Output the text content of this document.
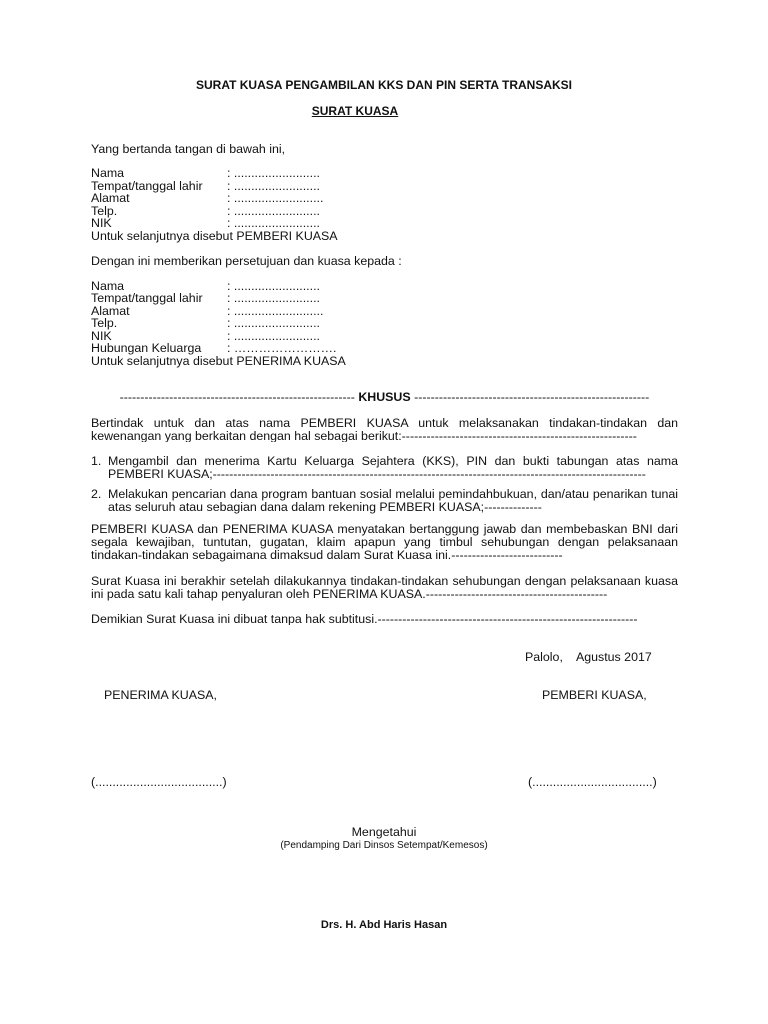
SURAT KUASA PENGAMBILAN KKS DAN PIN SERTA TRANSAKSI
SURAT KUASA
Yang bertanda tangan di bawah ini,
Nama	: .........................
Tempat/tanggal lahir : .........................
Alamat	: ..........................
Telp.	: .........................
NIK	: .........................
Untuk selanjutnya disebut PEMBERI KUASA
Dengan ini memberikan persetujuan dan kuasa kepada :
Nama	: .........................
Tempat/tanggal lahir : .........................
Alamat	: ..........................
Telp.	: .........................
NIK	: .........................
Hubungan Keluarga : …………………….
Untuk selanjutnya disebut PENERIMA KUASA
--------------------------------------------------------- KHUSUS ---------------------------------------------------------
Bertindak untuk dan atas nama PEMBERI KUASA untuk melaksanakan tindakan-tindakan dan
kewenangan yang berkaitan dengan hal sebagai berikut:---------------------------------------------------------
1. Mengambil dan menerima Kartu Keluarga Sejahtera (KKS), PIN dan bukti tabungan atas nama
PEMBERI KUASA;---------------------------------------------------------------------------------------------------------
2. Melakukan pencarian dana program bantuan sosial melalui pemindahbukuan, dan/atau penarikan tunai
atas seluruh atau sebagian dana dalam rekening PEMBERI KUASA;--------------
PEMBERI KUASA dan PENERIMA KUASA menyatakan bertanggung jawab dan membebaskan BNI dari
segala kewajiban, tuntutan, gugatan, klaim apapun yang timbul sehubungan dengan pelaksanaan
tindakan-tindakan sebagaimana dimaksud dalam Surat Kuasa ini.---------------------------
Surat Kuasa ini berakhir setelah dilakukannya tindakan-tindakan sehubungan dengan pelaksanaan kuasa
ini pada satu kali tahap penyaluran oleh PENERIMA KUASA.--------------------------------------------
Demikian Surat Kuasa ini dibuat tanpa hak subtitusi.---------------------------------------------------------------
Palolo,    Agustus 2017
PENERIMA KUASA,	PEMBERI KUASA,
(.....................................)	(...................................)
Mengetahui
(Pendamping Dari Dinsos Setempat/Kemesos)
Drs. H. Abd Haris Hasan
